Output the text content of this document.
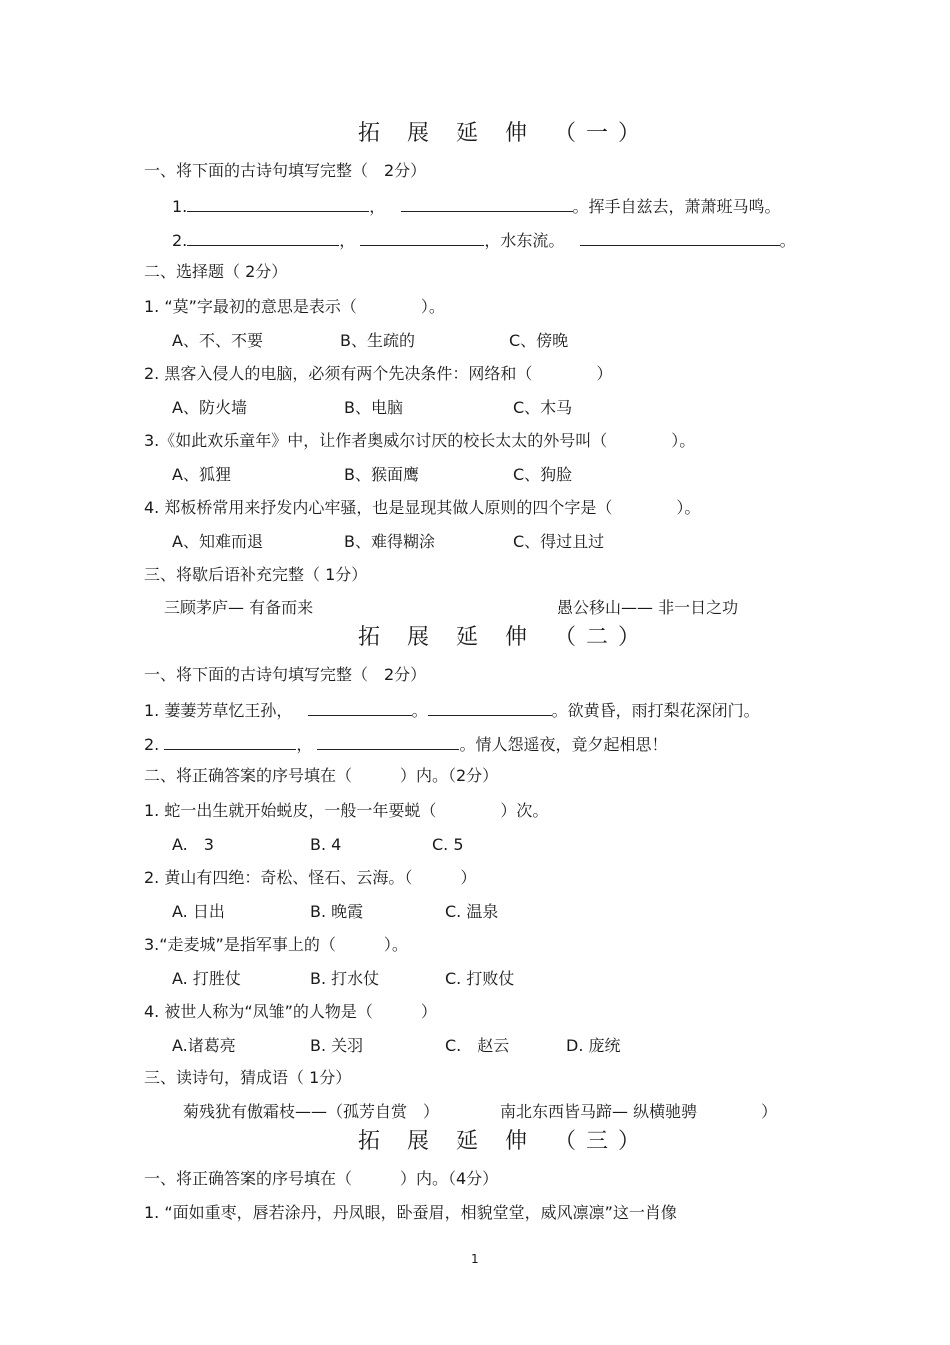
拓 展 延 伸 （一）
一、将下面的古诗句填写完整（　2分）
1.	，	。挥手自兹去，萧萧班马鸣。
2.	，	，水东流。	。
二、选择题（ 2分）
1. “莫”字最初的意思是表示（　　　　）。
A、不、不要	B、生疏的	C、傍晚
2. 黑客入侵人的电脑，必须有两个先决条件：网络和（　　　　）
A、防火墙	B、电脑	C、木马
3.《如此欢乐童年》中，让作者奥威尔讨厌的校长太太的外号叫（　　　　）。
A、狐狸	B、猴面鹰	C、狗脸
4. 郑板桥常用来抒发内心牢骚，也是显现其做人原则的四个字是（　　　　）。
A、知难而退	B、难得糊涂	C、得过且过
三、将歇后语补充完整（ 1分）
三顾茅庐— 有备而来	愚公移山—— 非一日之功
拓 展 延 伸 （二）
一、将下面的古诗句填写完整（　2分）
1. 萋萋芳草忆王孙，	。	。欲黄昏，雨打梨花深闭门。
2.	，	。情人怨遥夜，竟夕起相思！
二、将正确答案的序号填在（　　　）内。（2分）
1. 蛇一出生就开始蜕皮，一般一年要蜕（　　　　）次。
A.　3	B. 4	C. 5
2. 黄山有四绝：奇松、怪石、云海。（　　　）
A. 日出	B. 晚霞	C. 温泉
3.“走麦城”是指军事上的（　　　）。
A. 打胜仗	B. 打水仗	C. 打败仗
4. 被世人称为“凤雏”的人物是（　　　）
A.诸葛亮	B. 关羽	C.　赵云	D. 庞统
三、读诗句，猜成语（ 1分）
菊残犹有傲霜枝——（孤芳自赏　）	南北东西皆马蹄— 纵横驰骋　　　　）
拓 展 延 伸 （三）
一、将正确答案的序号填在（　　　）内。（4分）
1. “面如重枣，唇若涂丹，丹凤眼，卧蚕眉，相貌堂堂，威风凛凛”这一肖像
1
